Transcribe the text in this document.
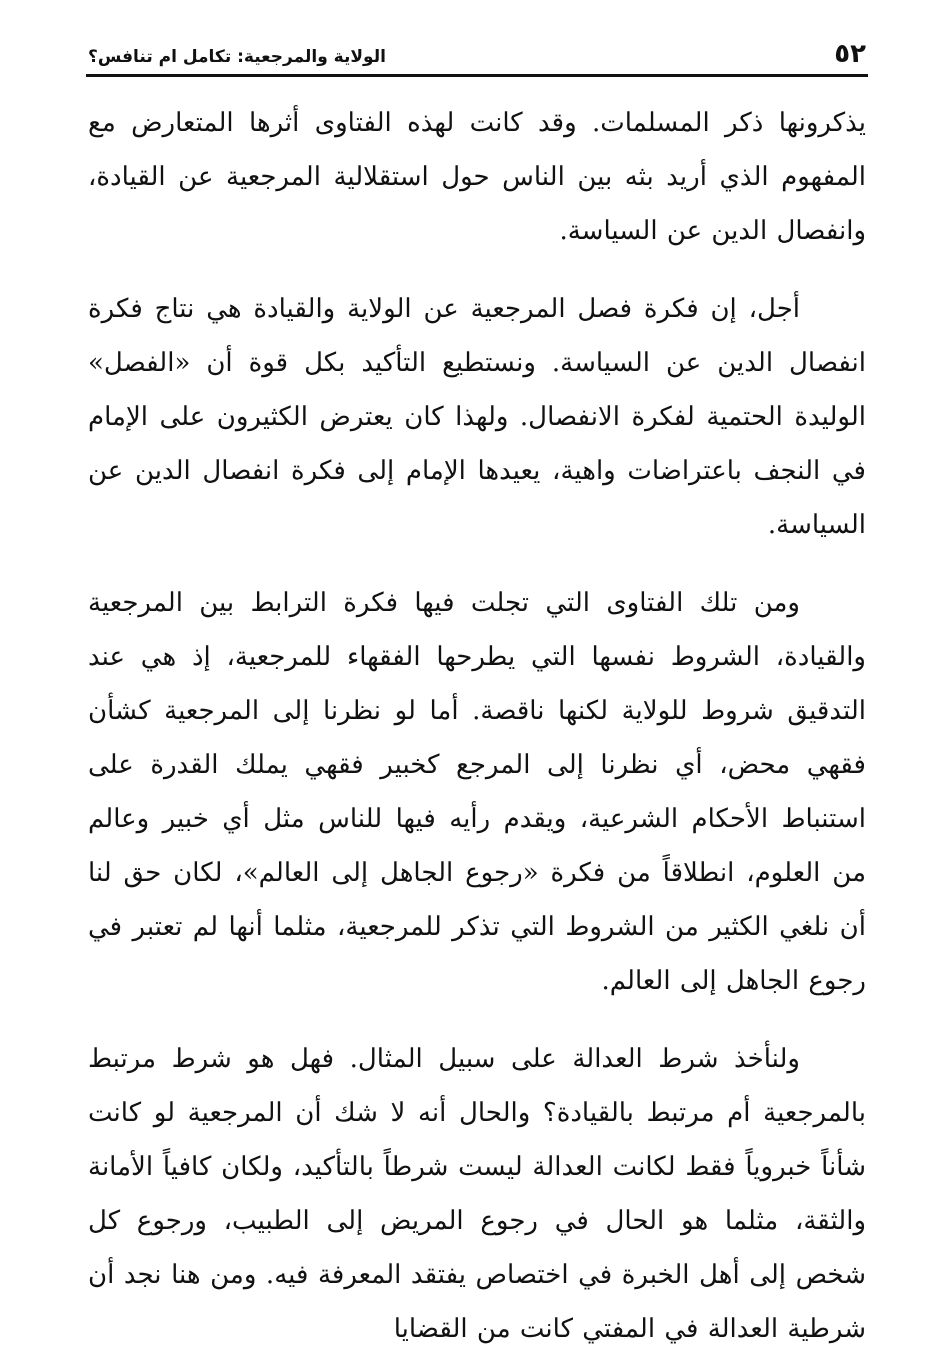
٥٢
الولاية والمرجعية: تكامل ام تنافس؟

يذكرونها ذكر المسلمات. وقد كانت لهذه الفتاوى أثرها المتعارض مع المفهوم الذي أريد بثه بين الناس حول استقلالية المرجعية عن القيادة، وانفصال الدين عن السياسة.

أجل، إن فكرة فصل المرجعية عن الولاية والقيادة هي نتاج فكرة انفصال الدين عن السياسة. ونستطيع التأكيد بكل قوة أن «الفصل» الوليدة الحتمية لفكرة الانفصال. ولهذا كان يعترض الكثيرون على الإمام في النجف باعتراضات واهية، يعيدها الإمام إلى فكرة انفصال الدين عن السياسة.

ومن تلك الفتاوى التي تجلت فيها فكرة الترابط بين المرجعية والقيادة، الشروط نفسها التي يطرحها الفقهاء للمرجعية، إذ هي عند التدقيق شروط للولاية لكنها ناقصة. أما لو نظرنا إلى المرجعية كشأن فقهي محض، أي نظرنا إلى المرجع كخبير فقهي يملك القدرة على استنباط الأحكام الشرعية، ويقدم رأيه فيها للناس مثل أي خبير وعالم من العلوم، انطلاقاً من فكرة «رجوع الجاهل إلى العالم»، لكان حق لنا أن نلغي الكثير من الشروط التي تذكر للمرجعية، مثلما أنها لم تعتبر في رجوع الجاهل إلى العالم.

ولنأخذ شرط العدالة على سبيل المثال. فهل هو شرط مرتبط بالمرجعية أم مرتبط بالقيادة؟ والحال أنه لا شك أن المرجعية لو كانت شأناً خبروياً فقط لكانت العدالة ليست شرطاً بالتأكيد، ولكان كافياً الأمانة والثقة، مثلما هو الحال في رجوع المريض إلى الطبيب، ورجوع كل شخص إلى أهل الخبرة في اختصاص يفتقد المعرفة فيه. ومن هنا نجد أن شرطية العدالة في المفتي كانت من القضايا
